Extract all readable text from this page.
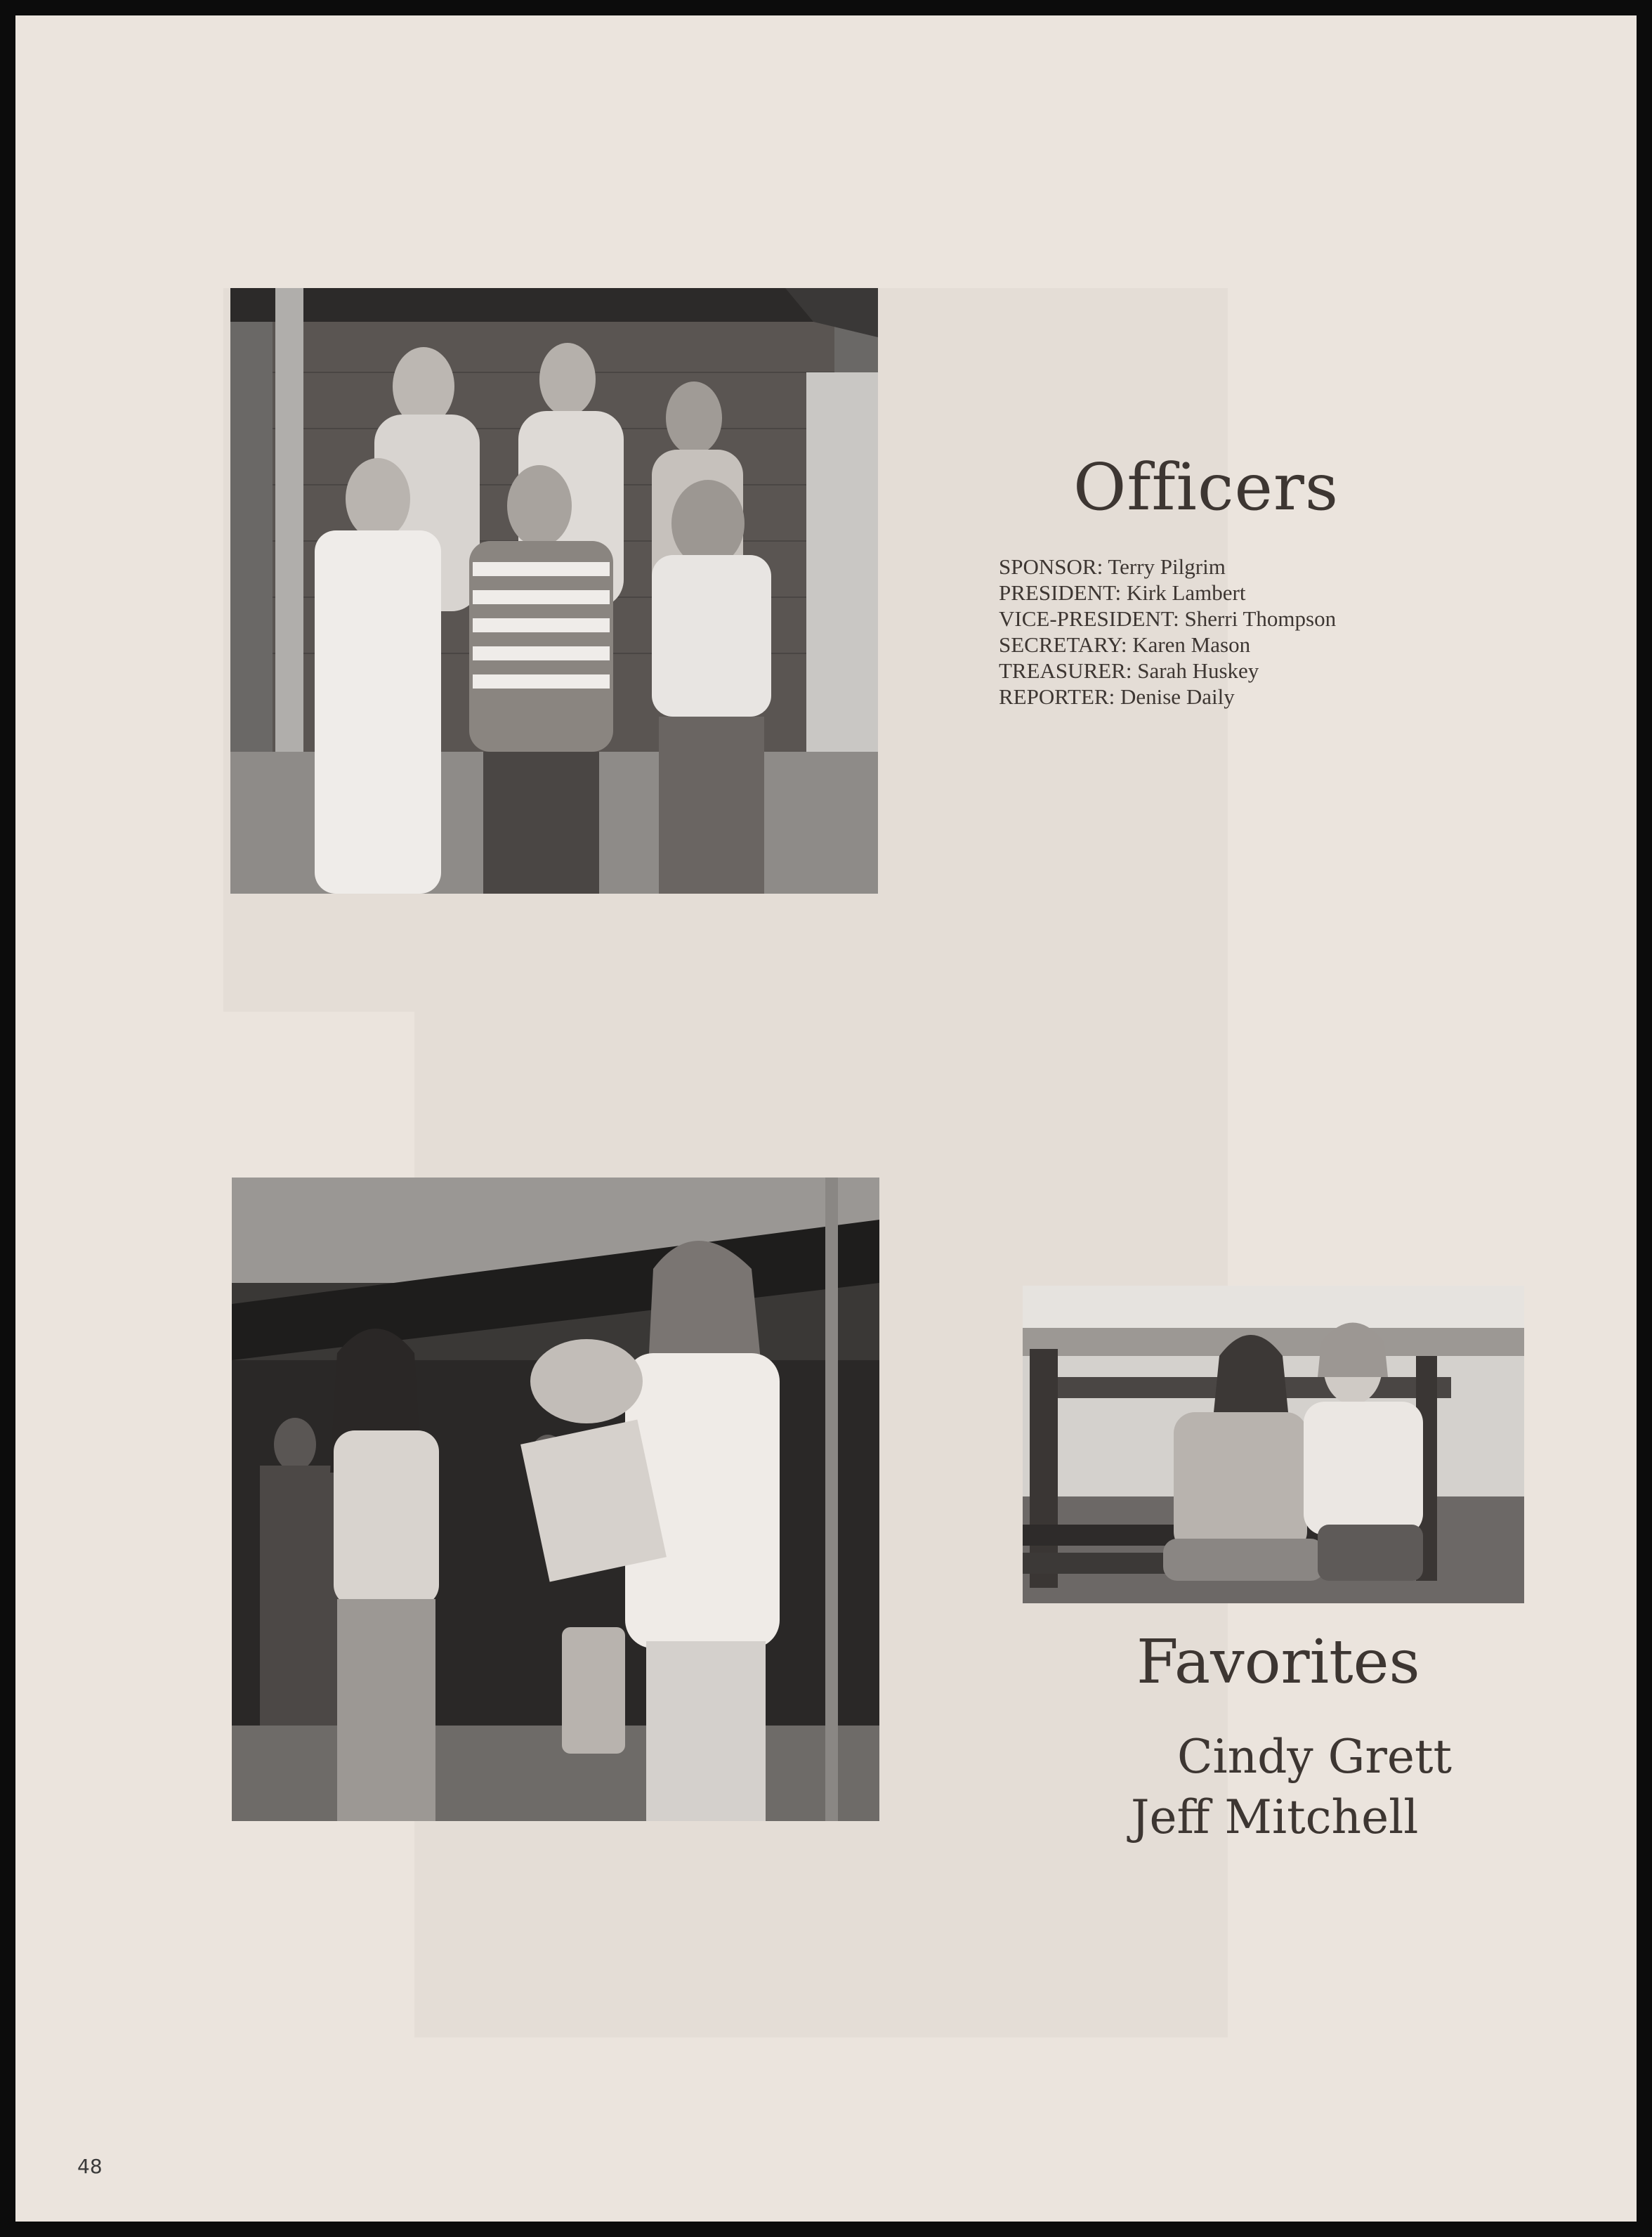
Officers
SPONSOR: Terry Pilgrim
PRESIDENT: Kirk Lambert
VICE-PRESIDENT: Sherri Thompson
SECRETARY: Karen Mason
TREASURER: Sarah Huskey
REPORTER: Denise Daily
Favorites
Cindy Grett
Jeff Mitchell
48
